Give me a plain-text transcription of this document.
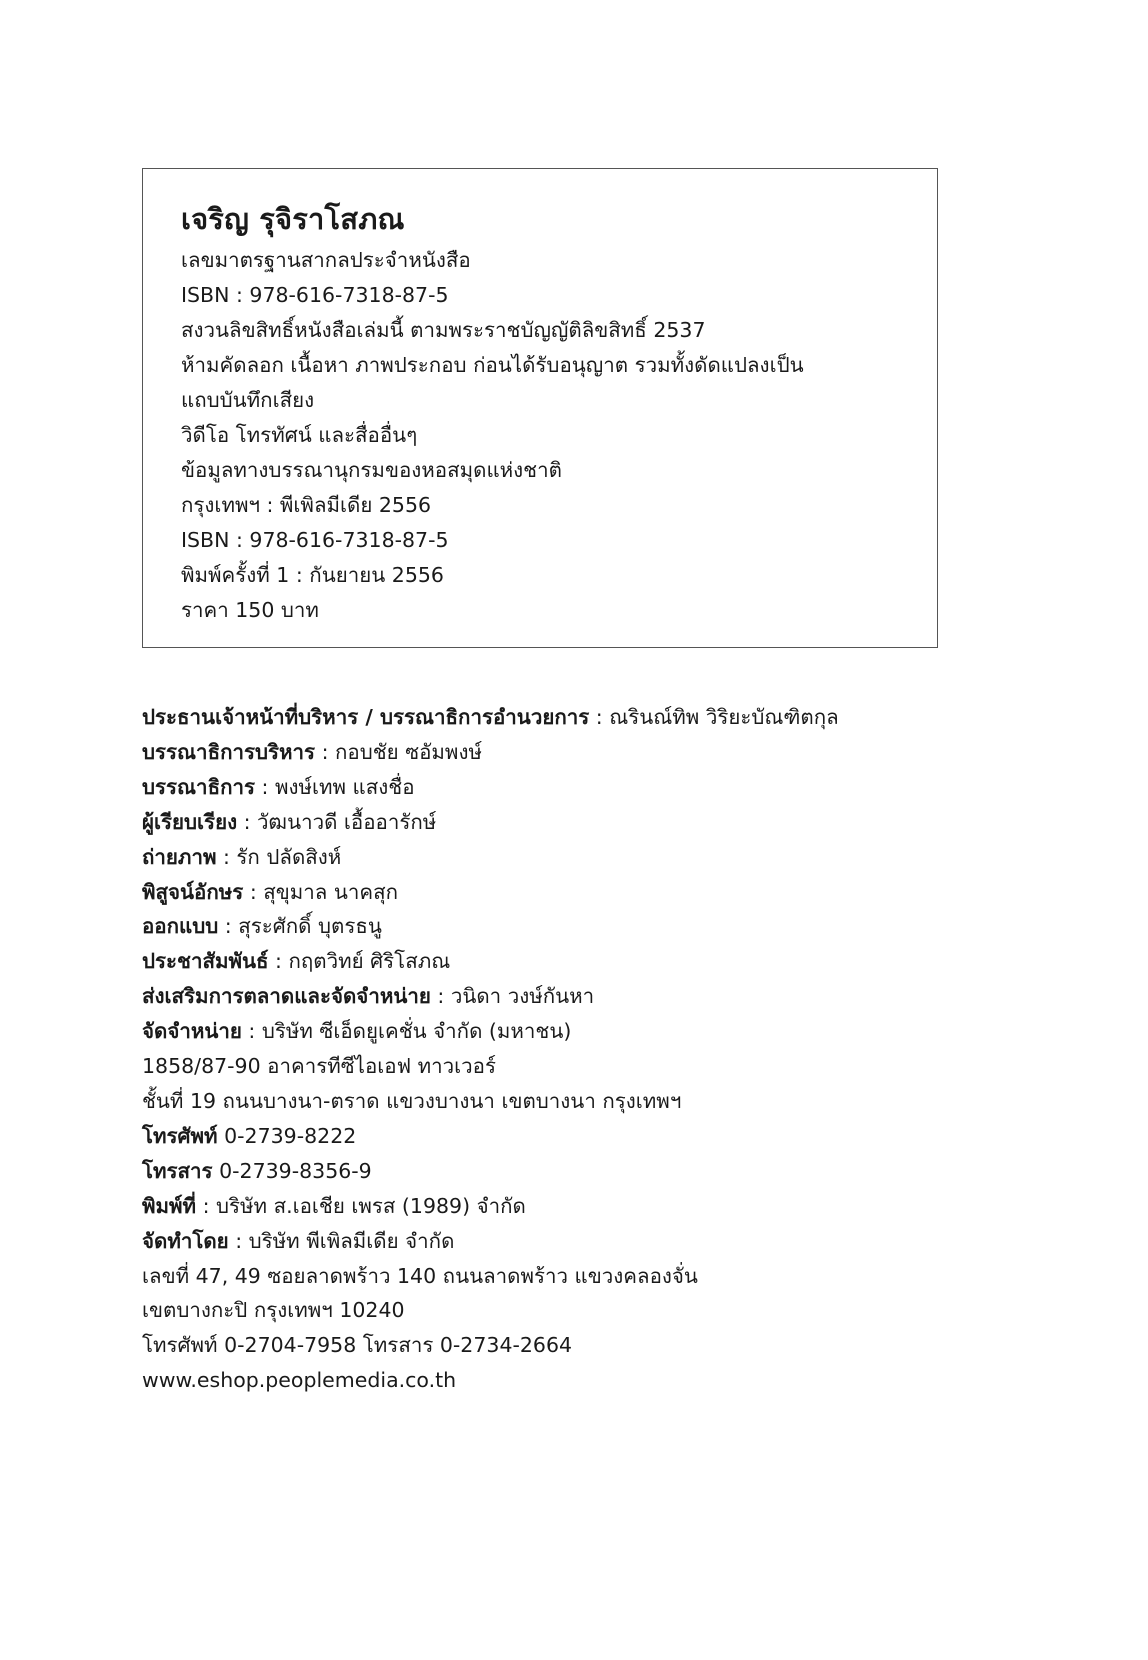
เจริญ รุจิราโสภณ

เลขมาตรฐานสากลประจำหนังสือ

ISBN : 978-616-7318-87-5

สงวนลิขสิทธิ์หนังสือเล่มนี้ ตามพระราชบัญญัติลิขสิทธิ์ 2537

ห้ามคัดลอก เนื้อหา ภาพประกอบ ก่อนได้รับอนุญาต รวมทั้งดัดแปลงเป็น

แถบบันทึกเสียง

วิดีโอ โทรทัศน์ และสื่ออื่นๆ

ข้อมูลทางบรรณานุกรมของหอสมุดแห่งชาติ

กรุงเทพฯ : พีเพิลมีเดีย 2556

ISBN : 978-616-7318-87-5

พิมพ์ครั้งที่ 1 : กันยายน 2556

ราคา 150 บาท

ประธานเจ้าหน้าที่บริหาร / บรรณาธิการอำนวยการ : ณรินณ์ทิพ วิริยะบัณฑิตกุล

บรรณาธิการบริหาร : กอบชัย ซอัมพงษ์

บรรณาธิการ : พงษ์เทพ แสงชื่อ

ผู้เรียบเรียง : วัฒนาวดี เอื้ออารักษ์

ถ่ายภาพ : รัก ปลัดสิงห์

พิสูจน์อักษร : สุขุมาล นาคสุก

ออกแบบ : สุระศักดิ์ บุตรธนู

ประชาสัมพันธ์ : กฤตวิทย์ ศิริโสภณ

ส่งเสริมการตลาดและจัดจำหน่าย : วนิดา วงษ์กันหา

จัดจำหน่าย : บริษัท ซีเอ็ดยูเคชั่น จำกัด (มหาชน)

1858/87-90 อาคารทีซีไอเอฟ ทาวเวอร์

ชั้นที่ 19 ถนนบางนา-ตราด แขวงบางนา เขตบางนา กรุงเทพฯ

โทรศัพท์ 0-2739-8222

โทรสาร 0-2739-8356-9

พิมพ์ที่ : บริษัท ส.เอเชีย เพรส (1989) จำกัด

จัดทำโดย : บริษัท พีเพิลมีเดีย จำกัด

เลขที่ 47, 49 ซอยลาดพร้าว 140 ถนนลาดพร้าว แขวงคลองจั่น

เขตบางกะปิ กรุงเทพฯ 10240

โทรศัพท์ 0-2704-7958 โทรสาร 0-2734-2664

www.eshop.peoplemedia.co.th
